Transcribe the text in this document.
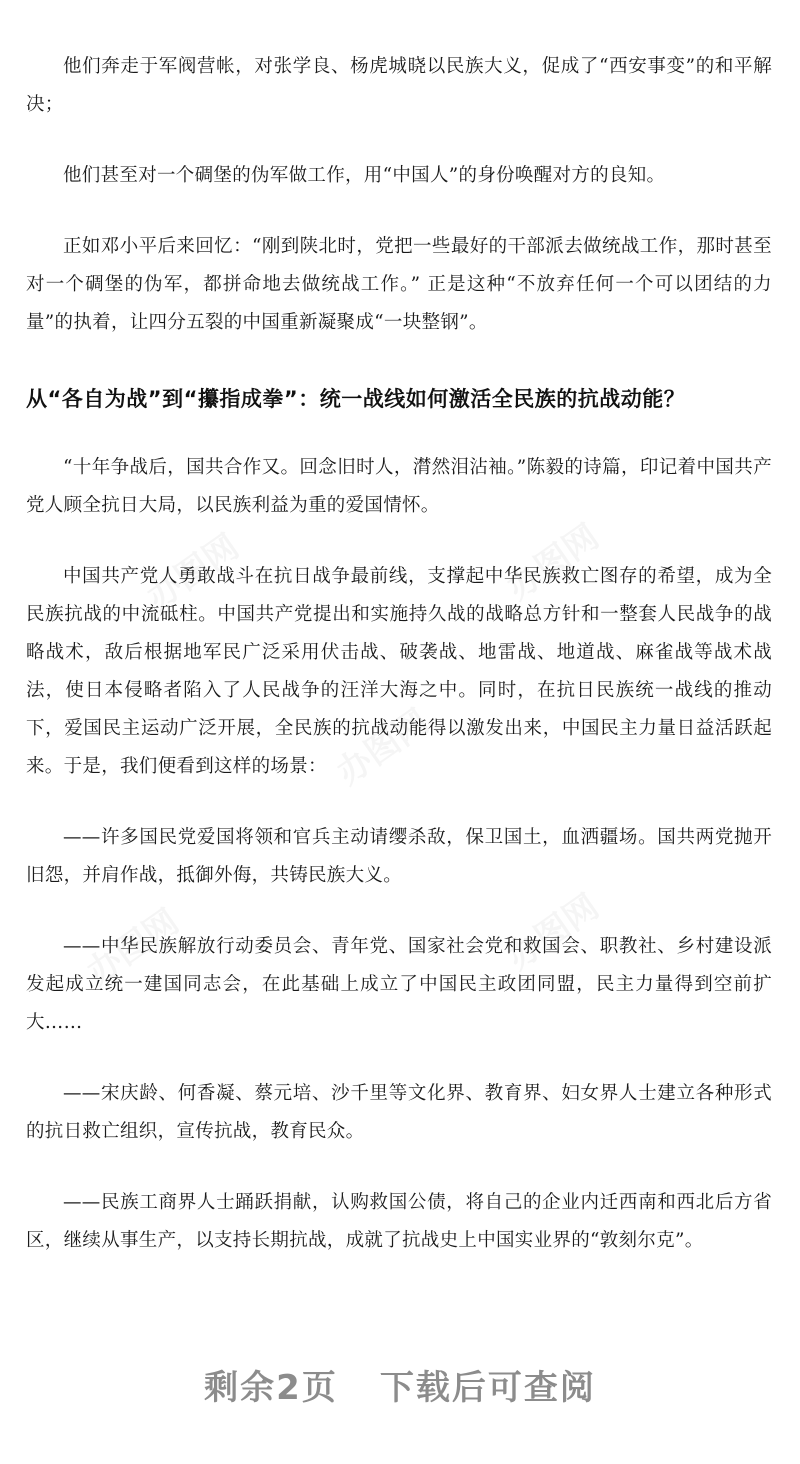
办图网	办图网
办图网
办图网	办图网

他们奔走于军阀营帐，对张学良、杨虎城晓以民族大义，促成了“西安事变”的和平解决；

他们甚至对一个碉堡的伪军做工作，用“中国人”的身份唤醒对方的良知。

正如邓小平后来回忆：“刚到陕北时，党把一些最好的干部派去做统战工作，那时甚至对一个碉堡的伪军，都拼命地去做统战工作。” 正是这种“不放弃任何一个可以团结的力量”的执着，让四分五裂的中国重新凝聚成“一块整钢”。

从“各自为战”到“攥指成拳”：统一战线如何激活全民族的抗战动能？

“十年争战后，国共合作又。回念旧时人，潸然泪沾袖。”陈毅的诗篇，印记着中国共产党人顾全抗日大局，以民族利益为重的爱国情怀。

中国共产党人勇敢战斗在抗日战争最前线，支撑起中华民族救亡图存的希望，成为全民族抗战的中流砥柱。中国共产党提出和实施持久战的战略总方针和一整套人民战争的战略战术，敌后根据地军民广泛采用伏击战、破袭战、地雷战、地道战、麻雀战等战术战法，使日本侵略者陷入了人民战争的汪洋大海之中。同时，在抗日民族统一战线的推动下，爱国民主运动广泛开展，全民族的抗战动能得以激发出来，中国民主力量日益活跃起来。于是，我们便看到这样的场景：

——许多国民党爱国将领和官兵主动请缨杀敌，保卫国土，血洒疆场。国共两党抛开旧怨，并肩作战，抵御外侮，共铸民族大义。

——中华民族解放行动委员会、青年党、国家社会党和救国会、职教社、乡村建设派发起成立统一建国同志会，在此基础上成立了中国民主政团同盟，民主力量得到空前扩大……

——宋庆龄、何香凝、蔡元培、沙千里等文化界、教育界、妇女界人士建立各种形式的抗日救亡组织，宣传抗战，教育民众。

——民族工商界人士踊跃捐献，认购救国公债，将自己的企业内迁西南和西北后方省区，继续从事生产，以支持长期抗战，成就了抗战史上中国实业界的“敦刻尔克”。

剩余2页 下载后可查阅
